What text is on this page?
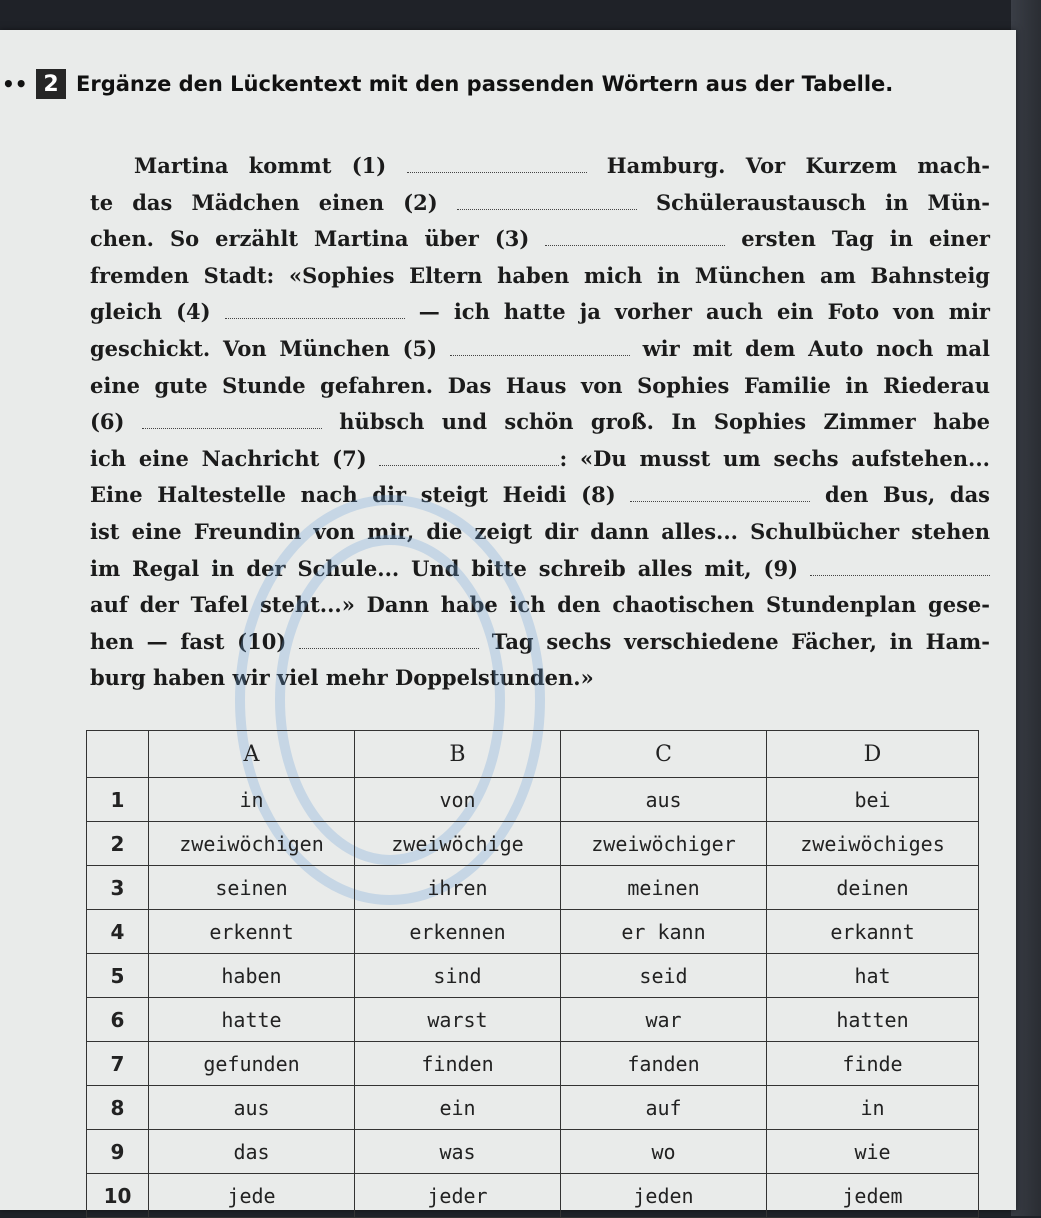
•• 2 Ergänze den Lückentext mit den passenden Wörtern aus der Tabelle.
Martina kommt (1)	Hamburg. Vor Kurzem mach-
te das Mädchen einen (2)	Schüleraustausch in Mün-
chen. So erzählt Martina über (3)	ersten Tag in einer
fremden Stadt: «Sophies Eltern haben mich in München am Bahnsteig
gleich (4)	— ich hatte ja vorher auch ein Foto von mir
geschickt. Von München (5)	wir mit dem Auto noch mal
eine gute Stunde gefahren. Das Haus von Sophies Familie in Riederau
(6)	hübsch und schön groß. In Sophies Zimmer habe
ich eine Nachricht (7)	: «Du musst um sechs aufstehen...
Eine Haltestelle nach dir steigt Heidi (8)	den Bus, das
ist eine Freundin von mir, die zeigt dir dann alles... Schulbücher stehen
im Regal in der Schule... Und bitte schreib alles mit, (9)
auf der Tafel steht...» Dann habe ich den chaotischen Stundenplan gese-
hen — fast (10)	Tag sechs verschiedene Fächer, in Ham-
burg haben wir viel mehr Doppelstunden.»
	A	B	C	D
1	in	von	aus	bei
2	zweiwöchigen	zweiwöchige	zweiwöchiger	zweiwöchiges
3	seinen	ihren	meinen	deinen
4	erkennt	erkennen	er kann	erkannt
5	haben	sind	seid	hat
6	hatte	warst	war	hatten
7	gefunden	finden	fanden	finde
8	aus	ein	auf	in
9	das	was	wo	wie
10	jede	jeder	jeden	jedem
